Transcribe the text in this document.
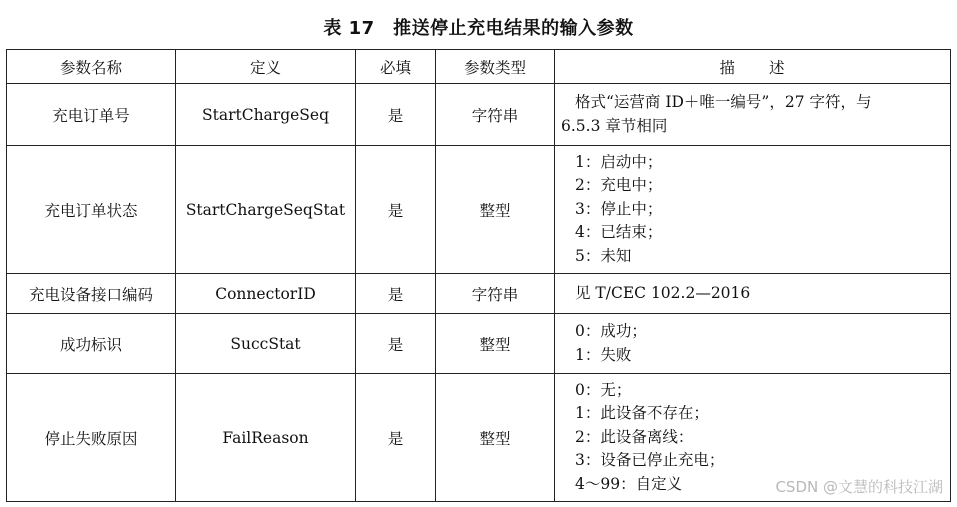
表 17　推送停止充电结果的输入参数
参数名称	定义	必填	参数类型	描　　述
充电订单号	StartChargeSeq	是	字符串	格式“运营商 ID＋唯一编号”，27 字符，与
6.5.3 章节相同

充电订单状态	StartChargeSeqStat	是	整型	1：启动中；
2：充电中；
3：停止中；
4：已结束；
5：未知

充电设备接口编码	ConnectorID	是	字符串	见 T/CEC 102.2—2016

成功标识	SuccStat	是	整型	0：成功；
1：失败

停止失败原因	FailReason	是	整型	0：无；
1：此设备不存在；
2：此设备离线：
3：设备已停止充电；
4～99：自定义	CSDN @文慧的科技江湖
